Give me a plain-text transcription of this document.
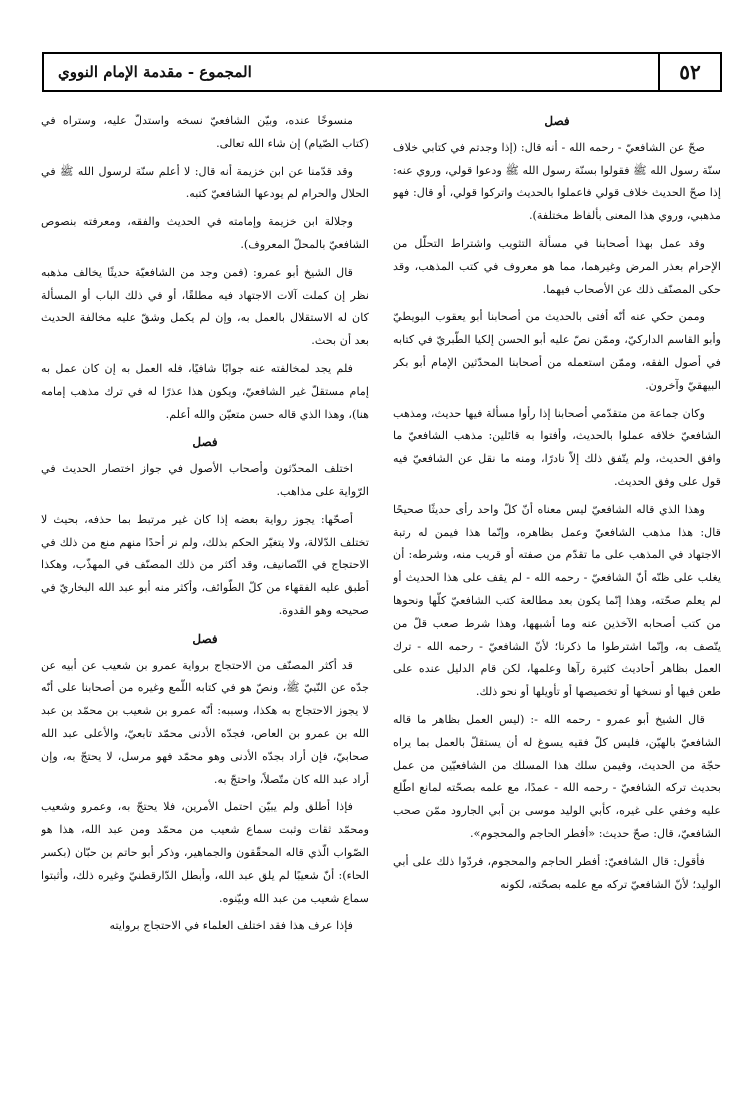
٥٢
المجموع - مقدمة الإمام النووي
فصل

صحّ عن الشافعيّ - رحمه الله - أنه قال: (إذا وجدتم في كتابي خلاف سنّة رسول الله ﷺ فقولوا بسنّة رسول الله ﷺ ودعوا قولي، وروي عنه: إذا صحّ الحديث خلاف قولي فاعملوا بالحديث واتركوا قولي، أو قال: فهو مذهبي، وروي هذا المعنى بألفاظ مختلفة).

وقد عمل بهذا أصحابنا في مسألة التثويب واشتراط التحلّل من الإحرام بعذر المرض وغيرهما، مما هو معروف في كتب المذهب، وقد حكى المصنّف ذلك عن الأصحاب فيهما.

وممن حكي عنه أنّه أفتى بالحديث من أصحابنا أبو يعقوب البويطيّ وأبو القاسم الداركيّ، وممّن نصّ عليه أبو الحسن إلكيا الطّبريّ في كتابه في أصول الفقه، وممّن استعمله من أصحابنا المحدّثين الإمام أبو بكر البيهقيّ وآخرون.

وكان جماعة من متقدّمي أصحابنا إذا رأوا مسألة فيها حديث، ومذهب الشافعيّ خلافه عملوا بالحديث، وأفتوا به قائلين: مذهب الشافعيّ ما وافق الحديث، ولم يتّفق ذلك إلاّ نادرًا، ومنه ما نقل عن الشافعيّ فيه قول على وفق الحديث.

وهذا الذي قاله الشافعيّ ليس معناه أنّ كلّ واحد رأى حديثًا صحيحًا قال: هذا مذهب الشافعيّ وعمل بظاهره، وإنّما هذا فيمن له رتبة الاجتهاد في المذهب على ما تقدّم من صفته أو قريب منه، وشرطه: أن يغلب على ظنّه أنّ الشافعيّ - رحمه الله - لم يقف على هذا الحديث أو لم يعلم صحّته، وهذا إنّما يكون بعد مطالعة كتب الشافعيّ كلّها ونحوها من كتب أصحابه الآخذين عنه وما أشبهها، وهذا شرط صعب قلّ من يتّصف به، وإنّما اشترطوا ما ذكرنا؛ لأنّ الشافعيّ - رحمه الله - ترك العمل بظاهر أحاديث كثيرة رآها وعلمها، لكن قام الدليل عنده على طعن فيها أو نسخها أو تخصيصها أو تأويلها أو نحو ذلك.

قال الشيخ أبو عمرو - رحمه الله -: (ليس العمل بظاهر ما قاله الشافعيّ بالهيّن، فليس كلّ فقيه يسوغ له أن يستقلّ بالعمل بما يراه حجّة من الحديث، وفيمن سلك هذا المسلك من الشافعيّين من عمل بحديث تركه الشافعيّ - رحمه الله - عمدًا، مع علمه بصحّته لمانع اطّلع عليه وخفي على غيره، كأبي الوليد موسى بن أبي الجارود ممّن صحب الشافعيّ، قال: صحّ حديث: «أفطر الحاجم والمحجوم».

فأقول: قال الشافعيّ: أفطر الحاجم والمحجوم، فردّوا ذلك على أبي الوليد؛ لأنّ الشافعيّ تركه مع علمه بصحّته، لكونه

منسوخًا عنده، وبيّن الشافعيّ نسخه واستدلّ عليه، وستراه في (كتاب الصّيام) إن شاء الله تعالى.

وقد قدّمنا عن ابن خزيمة أنه قال: لا أعلم سنّة لرسول الله ﷺ في الحلال والحرام لم يودعها الشافعيّ كتبه.

وجلالة ابن خزيمة وإمامته في الحديث والفقه، ومعرفته بنصوص الشافعيّ بالمحلّ المعروف).

قال الشيخ أبو عمرو: (فمن وجد من الشافعيّة حديثًا يخالف مذهبه نظر إن كملت آلات الاجتهاد فيه مطلقًا، أو في ذلك الباب أو المسألة كان له الاستقلال بالعمل به، وإن لم يكمل وشقّ عليه مخالفة الحديث بعد أن بحث.

فلم يجد لمخالفته عنه جوابًا شافيًا، فله العمل به إن كان عمل به إمام مستقلّ غير الشافعيّ، ويكون هذا عذرًا له في ترك مذهب إمامه هنا)، وهذا الذي قاله حسن متعيّن والله أعلم.

فصل

اختلف المحدّثون وأصحاب الأصول في جواز اختصار الحديث في الرّواية على مذاهب.

أصحّها: يجوز رواية بعضه إذا كان غير مرتبط بما حذفه، بحيث لا تختلف الدّلالة، ولا يتغيّر الحكم بذلك، ولم نر أحدًا منهم منع من ذلك في الاحتجاج في التّصانيف، وقد أكثر من ذلك المصنّف في المهذّب، وهكذا أطبق عليه الفقهاء من كلّ الطّوائف، وأكثر منه أبو عبد الله البخاريّ في صحيحه وهو القدوة.

فصل

قد أكثر المصنّف من الاحتجاج برواية عمرو بن شعيب عن أبيه عن جدّه عن النّبيّ ﷺ، ونصّ هو في كتابه اللّمع وغيره من أصحابنا على أنّه لا يجوز الاحتجاج به هكذا، وسببه: أنّه عمرو بن شعيب بن محمّد بن عبد الله بن عمرو بن العاص، فجدّه الأدنى محمّد تابعيّ، والأعلى عبد الله صحابيّ، فإن أراد بجدّه الأدنى وهو محمّد فهو مرسل، لا يحتجّ به، وإن أراد عبد الله كان متّصلاً، واحتجّ به.

فإذا أطلق ولم يبيّن احتمل الأمرين، فلا يحتجّ به، وعمرو وشعيب ومحمّد ثقات وثبت سماع شعيب من محمّد ومن عبد الله، هذا هو الصّواب الّذي قاله المحقّقون والجماهير، وذكر أبو حاتم بن حبّان (بكسر الحاء): أنّ شعيبًا لم يلق عبد الله، وأبطل الدّارقطنيّ وغيره ذلك، وأثبتوا سماع شعيب من عبد الله وبيّنوه.

فإذا عرف هذا فقد اختلف العلماء في الاحتجاج بروايته
